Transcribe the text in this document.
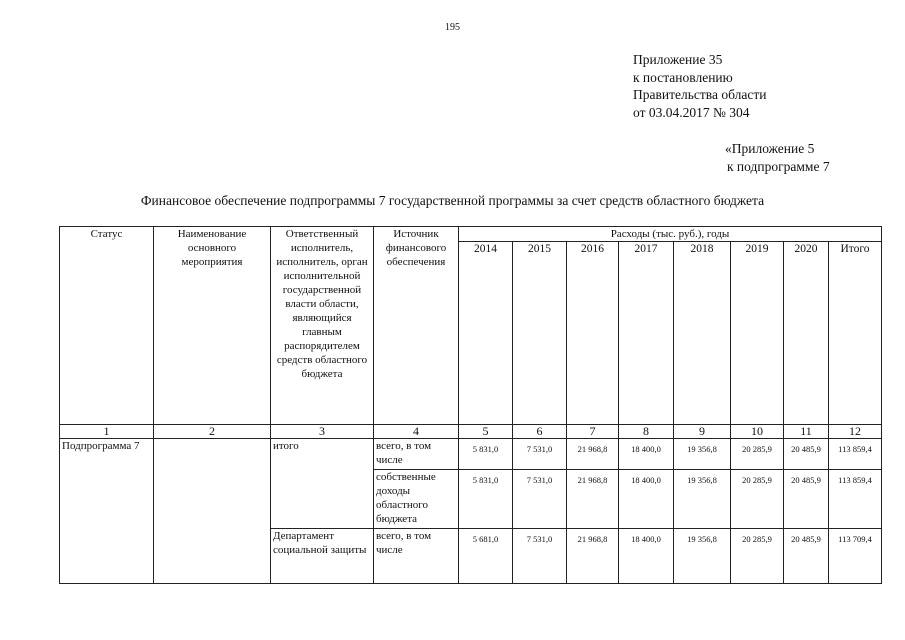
195
Приложение 35
к постановлению
Правительства области
от 03.04.2017 № 304
«Приложение 5
к подпрограмме 7
Финансовое обеспечение подпрограммы 7 государственной программы за счет средств областного бюджета
Статус	Наименование основного мероприятия	Ответственный исполнитель, исполнитель, орган исполнительной государственной власти области, являющийся главным распорядителем средств областного бюджета	Источник финансового обеспечения	Расходы (тыс. руб.), годы							
				2014	2015	2016	2017	2018	2019	2020	Итого
1	2	3	4	5	6	7	8	9	10	11	12
Подпрограмма 7		итого	всего, в том числе	5 831,0	7 531,0	21 968,8	18 400,0	19 356,8	20 285,9	20 485,9	113 859,4
			собственные доходы областного бюджета	5 831,0	7 531,0	21 968,8	18 400,0	19 356,8	20 285,9	20 485,9	113 859,4
		Департамент социальной защиты	всего, в том числе	5 681,0	7 531,0	21 968,8	18 400,0	19 356,8	20 285,9	20 485,9	113 709,4
